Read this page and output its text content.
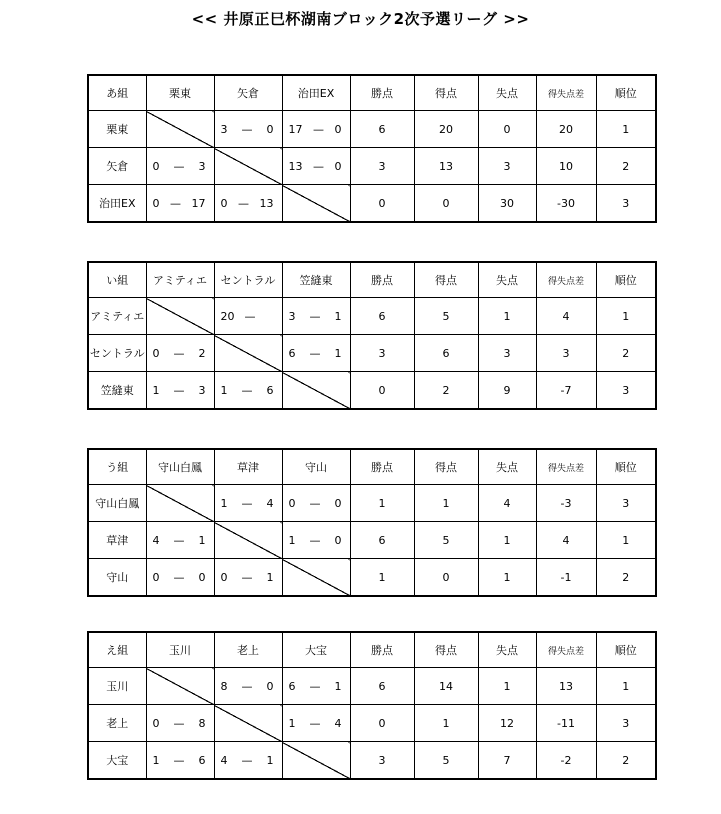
<< 井原正巳杯湖南ブロック2次予選リーグ >>
あ組	栗東	矢倉	治田EX	勝点	得点	失点	得失点差	順位
栗東		3 — 0	17 — 0	6	20	0	20	1
矢倉	0 — 3		13 — 0	3	13	3	10	2
治田EX	0 — 17	0 — 13		0	0	30	-30	3
い組	アミティエ	セントラル	笠縫東	勝点	得点	失点	得失点差	順位
アミティエ		20 —	3 — 1	6	5	1	4	1
セントラル	0 — 2		6 — 1	3	6	3	3	2
笠縫東	1 — 3	1 — 6		0	2	9	-7	3
う組	守山白鳳	草津	守山	勝点	得点	失点	得失点差	順位
守山白鳳		1 — 4	0 — 0	1	1	4	-3	3
草津	4 — 1		1 — 0	6	5	1	4	1
守山	0 — 0	0 — 1		1	0	1	-1	2
え組	玉川	老上	大宝	勝点	得点	失点	得失点差	順位
玉川		8 — 0	6 — 1	6	14	1	13	1
老上	0 — 8		1 — 4	0	1	12	-11	3
大宝	1 — 6	4 — 1		3	5	7	-2	2
